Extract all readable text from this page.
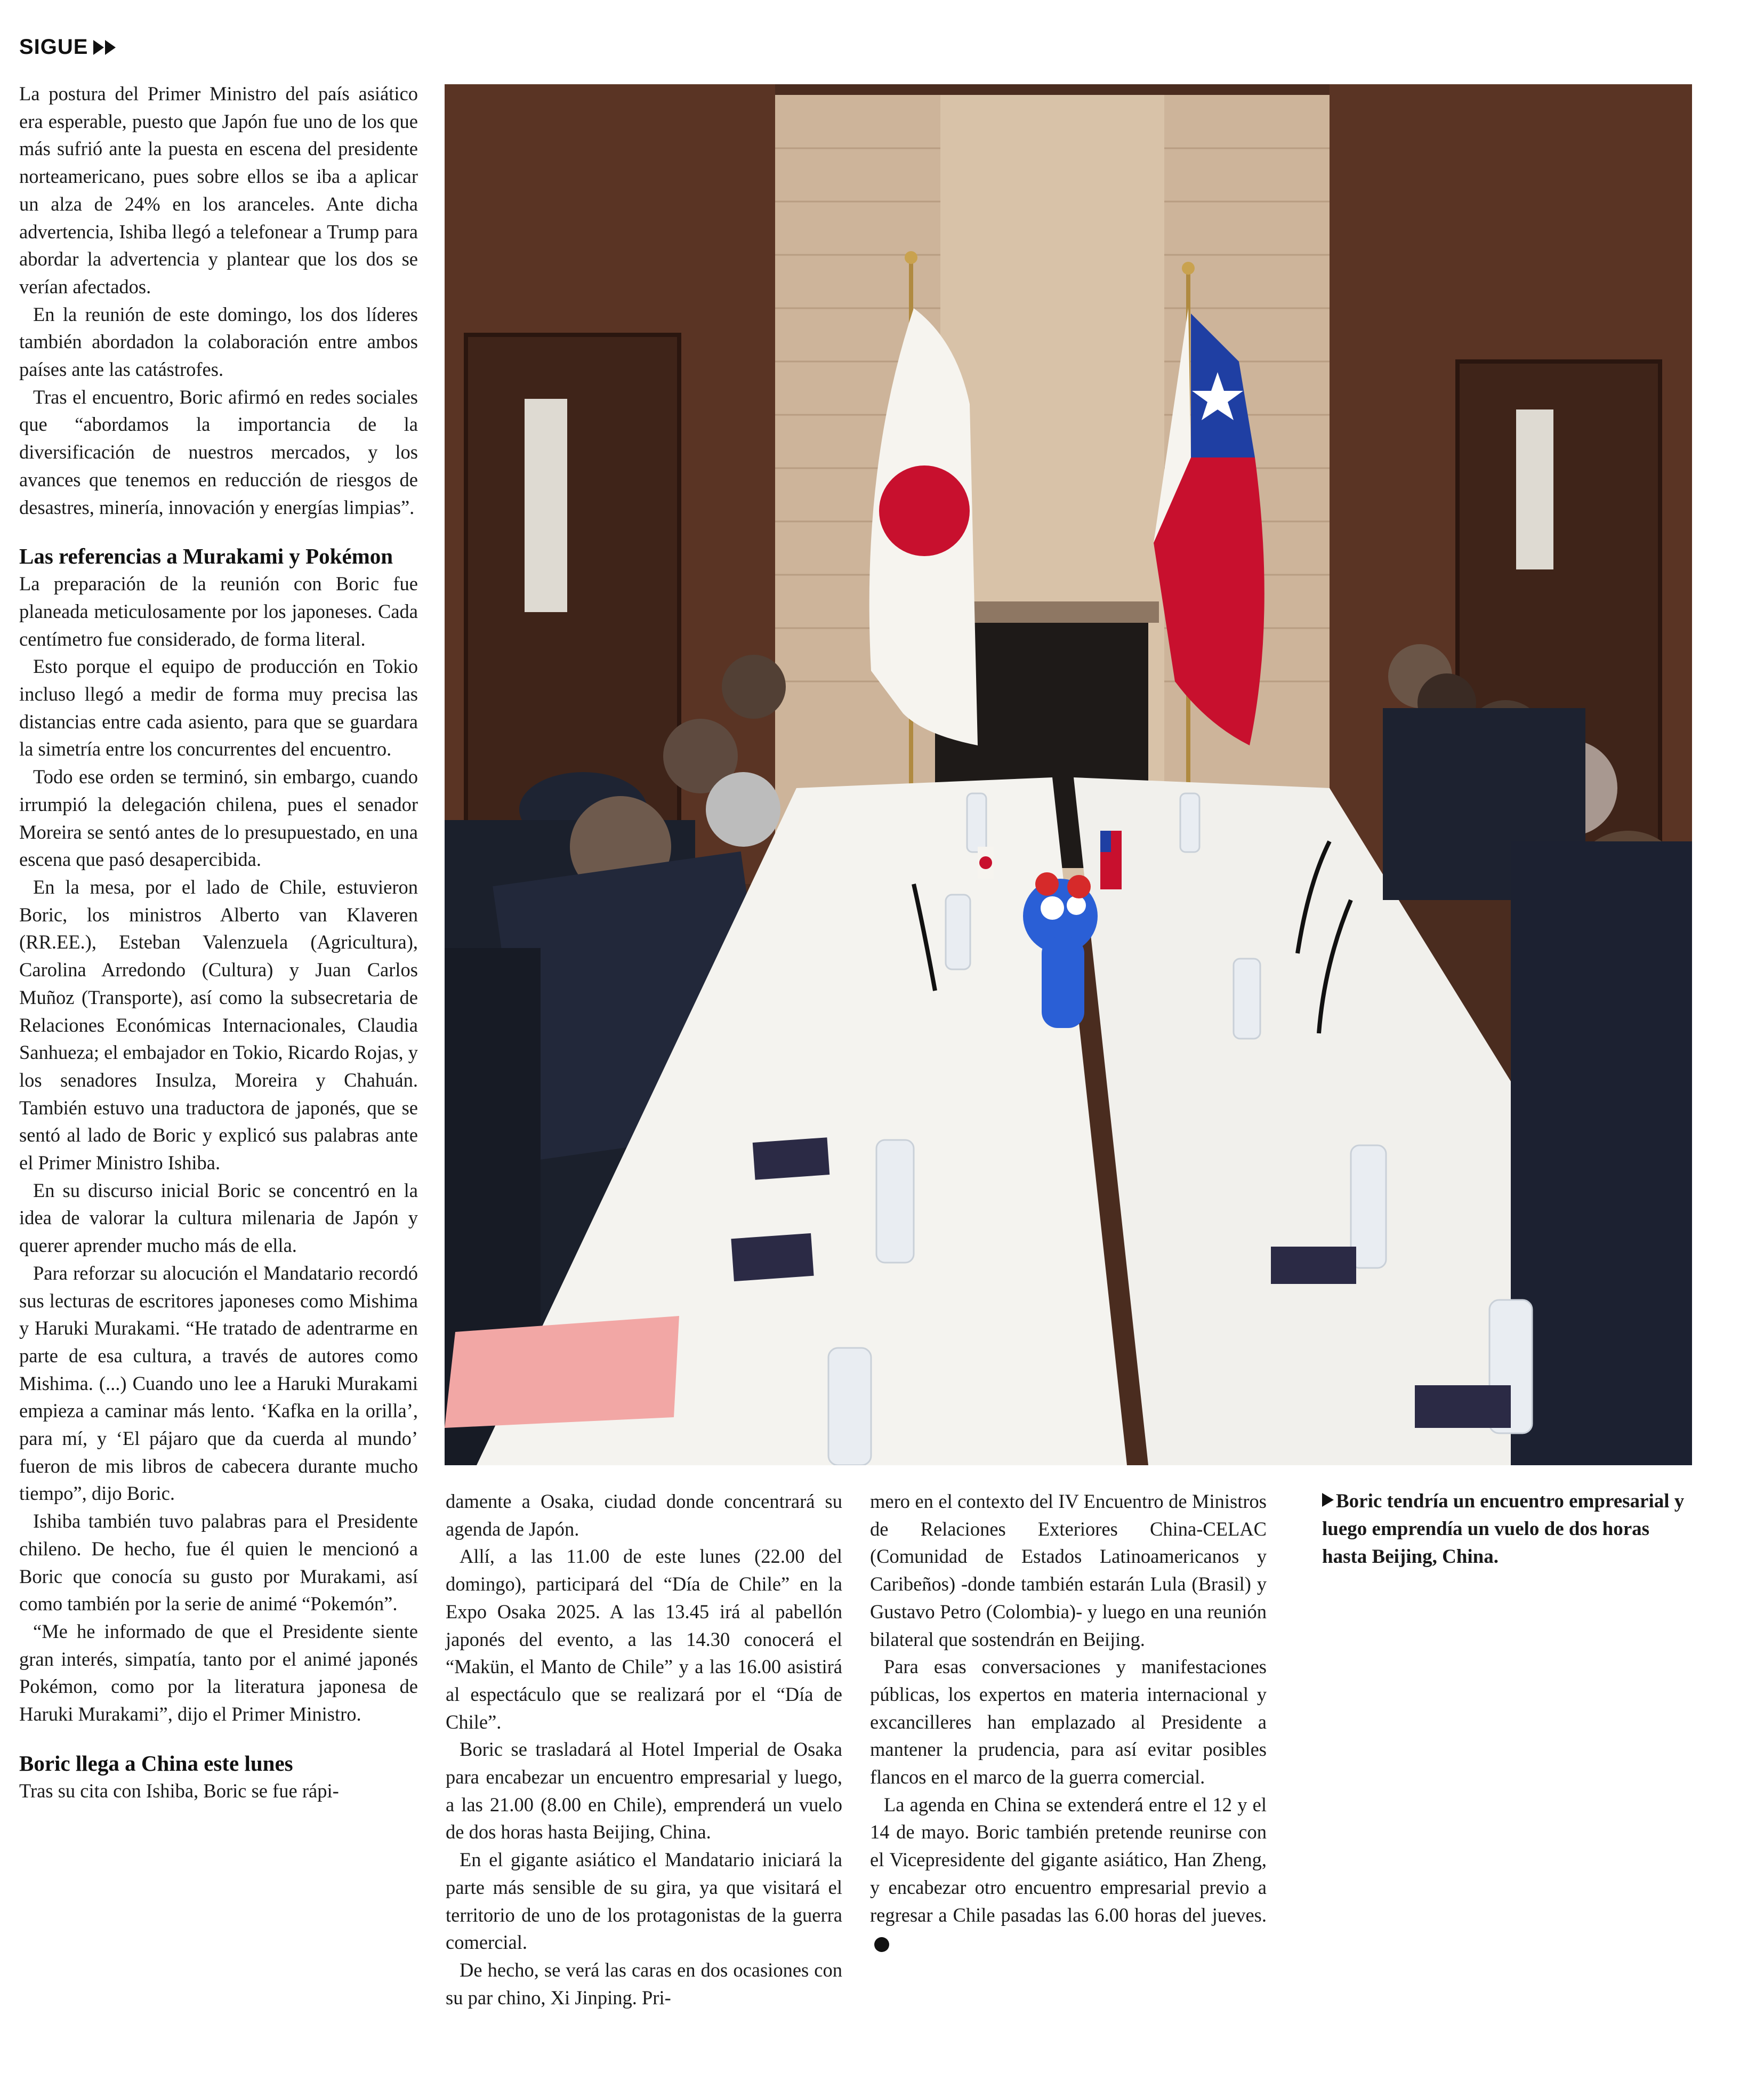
SIGUE

La postura del Primer Ministro del país asiático era esperable, puesto que Japón fue uno de los que más sufrió ante la puesta en escena del presidente norteamericano, pues sobre ellos se iba a aplicar un alza de 24% en los aranceles. Ante dicha advertencia, Ishiba llegó a telefonear a Trump para abordar la advertencia y plantear que los dos se verían afectados.

En la reunión de este domingo, los dos líderes también abordadon la colaboración entre ambos países ante las catástrofes.

Tras el encuentro, Boric afirmó en redes sociales que “abordamos la importancia de la diversificación de nuestros mercados, y los avances que tenemos en reducción de riesgos de desastres, minería, innovación y energías limpias”.

Las referencias a Murakami y Pokémon

La preparación de la reunión con Boric fue planeada meticulosamente por los japoneses. Cada centímetro fue considerado, de forma literal.

Esto porque el equipo de producción en Tokio incluso llegó a medir de forma muy precisa las distancias entre cada asiento, para que se guardara la simetría entre los concurrentes del encuentro.

Todo ese orden se terminó, sin embargo, cuando irrumpió la delegación chilena, pues el senador Moreira se sentó antes de lo presupuestado, en una escena que pasó desapercibida.

En la mesa, por el lado de Chile, estuvieron Boric, los ministros Alberto van Klaveren (RR.EE.), Esteban Valenzuela (Agricultura), Carolina Arredondo (Cultura) y Juan Carlos Muñoz (Transporte), así como la subsecretaria de Relaciones Económicas Internacionales, Claudia Sanhueza; el embajador en Tokio, Ricardo Rojas, y los senadores Insulza, Moreira y Chahuán. También estuvo una traductora de japonés, que se sentó al lado de Boric y explicó sus palabras ante el Primer Ministro Ishiba.

En su discurso inicial Boric se concentró en la idea de valorar la cultura milenaria de Japón y querer aprender mucho más de ella.

Para reforzar su alocución el Mandatario recordó sus lecturas de escritores japoneses como Mishima y Haruki Murakami. “He tratado de adentrarme en parte de esa cultura, a través de autores como Mishima. (...) Cuando uno lee a Haruki Murakami empieza a caminar más lento. ‘Kafka en la orilla’, para mí, y ‘El pájaro que da cuerda al mundo’ fueron de mis libros de cabecera durante mucho tiempo”, dijo Boric.

Ishiba también tuvo palabras para el Presidente chileno. De hecho, fue él quien le mencionó a Boric que conocía su gusto por Murakami, así como también por la serie de animé “Pokemón”.

“Me he informado de que el Presidente siente gran interés, simpatía, tanto por el animé japonés Pokémon, como por la literatura japonesa de Haruki Murakami”, dijo el Primer Ministro.

Boric llega a China este lunes

Tras su cita con Ishiba, Boric se fue rápi-

damente a Osaka, ciudad donde concentrará su agenda de Japón.

Allí, a las 11.00 de este lunes (22.00 del domingo), participará del “Día de Chile” en la Expo Osaka 2025. A las 13.45 irá al pabellón japonés del evento, a las 14.30 conocerá el “Makün, el Manto de Chile” y a las 16.00 asistirá al espectáculo que se realizará por el “Día de Chile”.

Boric se trasladará al Hotel Imperial de Osaka para encabezar un encuentro empresarial y luego, a las 21.00 (8.00 en Chile), emprenderá un vuelo de dos horas hasta Beijing, China.

En el gigante asiático el Mandatario iniciará la parte más sensible de su gira, ya que visitará el territorio de uno de los protagonistas de la guerra comercial.

De hecho, se verá las caras en dos ocasiones con su par chino, Xi Jinping. Pri-

mero en el contexto del IV Encuentro de Ministros de Relaciones Exteriores China-CELAC (Comunidad de Estados Latinoamericanos y Caribeños) -donde también estarán Lula (Brasil) y Gustavo Petro (Colombia)- y luego en una reunión bilateral que sostendrán en Beijing.

Para esas conversaciones y manifestaciones públicas, los expertos en materia internacional y excancilleres han emplazado al Presidente a mantener la prudencia, para así evitar posibles flancos en el marco de la guerra comercial.

La agenda en China se extenderá entre el 12 y el 14 de mayo. Boric también pretende reunirse con el Vicepresidente del gigante asiático, Han Zheng, y encabezar otro encuentro empresarial previo a regresar a Chile pasadas las 6.00 horas del jueves.

Boric tendría un encuentro empresarial y luego emprendía un vuelo de dos horas hasta Beijing, China.
